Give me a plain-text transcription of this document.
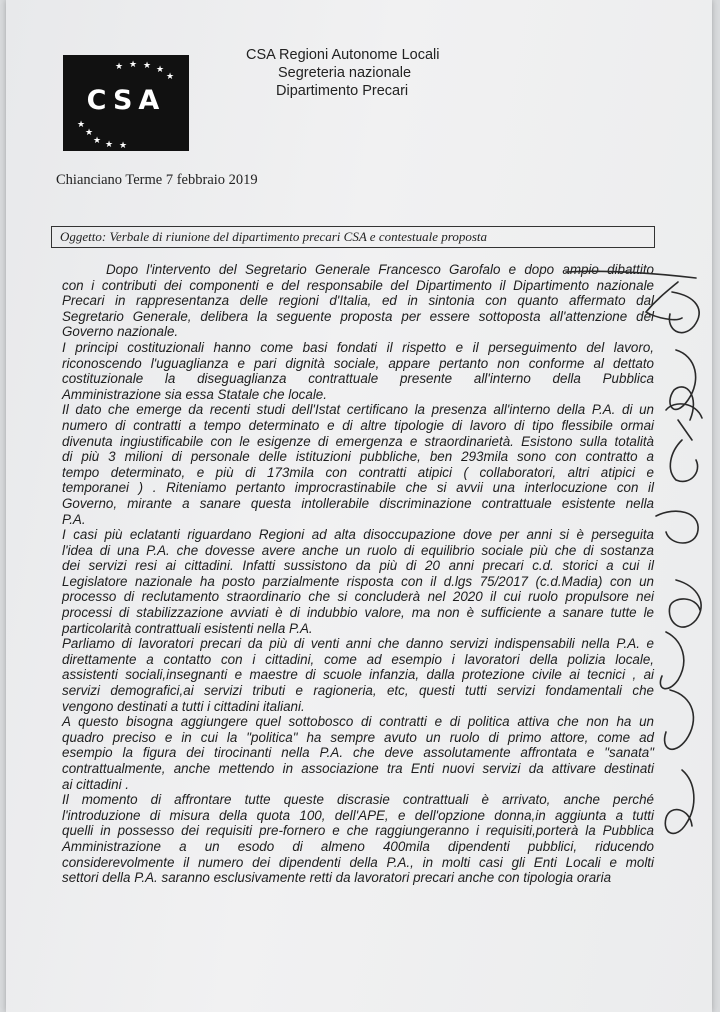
★ ★ ★ ★
★
★
★ ★ ★
★
CSA
CSA Regioni Autonome Locali
Segreteria nazionale
Dipartimento Precari
Chianciano Terme 7 febbraio 2019
Oggetto: Verbale di riunione del dipartimento precari CSA e contestuale proposta
Dopo l'intervento del Segretario Generale Francesco Garofalo e dopo ampio dibattito
con i contributi dei componenti e del responsabile del Dipartimento il Dipartimento nazionale
Precari in rappresentanza delle regioni d'Italia, ed in sintonia con quanto affermato dal
Segretario Generale, delibera la seguente proposta per essere sottoposta all'attenzione del
Governo nazionale.
I principi costituzionali hanno come basi fondati il rispetto e il perseguimento del lavoro,
riconoscendo l'uguaglianza e pari dignità sociale, appare pertanto non conforme al dettato
costituzionale la diseguaglianza contrattuale presente all'interno della Pubblica
Amministrazione sia essa Statale che locale.
Il dato che emerge da recenti studi dell'Istat certificano la presenza all'interno della P.A. di un
numero di contratti a tempo determinato e di altre tipologie di lavoro di tipo flessibile ormai
divenuta ingiustificabile con le esigenze di emergenza e straordinarietà. Esistono sulla totalità
di più 3 milioni di personale delle istituzioni pubbliche, ben 293mila sono con contratto a
tempo determinato, e più di 173mila con contratti atipici ( collaboratori, altri atipici e
temporanei ) . Riteniamo pertanto improcrastinabile che si avvii una interlocuzione con il
Governo, mirante a sanare questa intollerabile discriminazione contrattuale esistente nella
P.A.
I casi più eclatanti riguardano Regioni ad alta disoccupazione dove per anni si è perseguita
l'idea di una P.A. che dovesse avere anche un ruolo di equilibrio sociale più che di sostanza
dei servizi resi ai cittadini. Infatti sussistono da più di 20 anni precari c.d. storici a cui il
Legislatore nazionale ha posto parzialmente risposta con il d.lgs 75/2017 (c.d.Madia) con un
processo di reclutamento straordinario che si concluderà nel 2020 il cui ruolo propulsore nei
processi di stabilizzazione avviati è di indubbio valore, ma non è sufficiente a sanare tutte le
particolarità contrattuali esistenti nella P.A.
Parliamo di lavoratori precari da più di venti anni che danno servizi indispensabili nella P.A. e
direttamente a contatto con i cittadini, come ad esempio i lavoratori della polizia locale,
assistenti sociali,insegnanti e maestre di scuole infanzia, dalla protezione civile ai tecnici , ai
servizi demografici,ai servizi tributi e ragioneria, etc, questi tutti servizi fondamentali che
vengono destinati a tutti i cittadini italiani.
A questo bisogna aggiungere quel sottobosco di contratti e di politica attiva che non ha un
quadro preciso e in cui la "politica" ha sempre avuto un ruolo di primo attore, come ad
esempio la figura dei tirocinanti nella P.A. che deve assolutamente affrontata e "sanata"
contrattualmente, anche mettendo in associazione tra Enti nuovi servizi da attivare destinati
ai cittadini .
Il momento di affrontare tutte queste discrasie contrattuali è arrivato, anche perché
l'introduzione di misura della quota 100, dell'APE, e dell'opzione donna,in aggiunta a tutti
quelli in possesso dei requisiti pre-fornero e che raggiungeranno i requisiti,porterà la Pubblica
Amministrazione a un esodo di almeno 400mila dipendenti pubblici, riducendo
considerevolmente il numero dei dipendenti della P.A., in molti casi gli Enti Locali e molti
settori della P.A. saranno esclusivamente retti da lavoratori precari anche con tipologia oraria
